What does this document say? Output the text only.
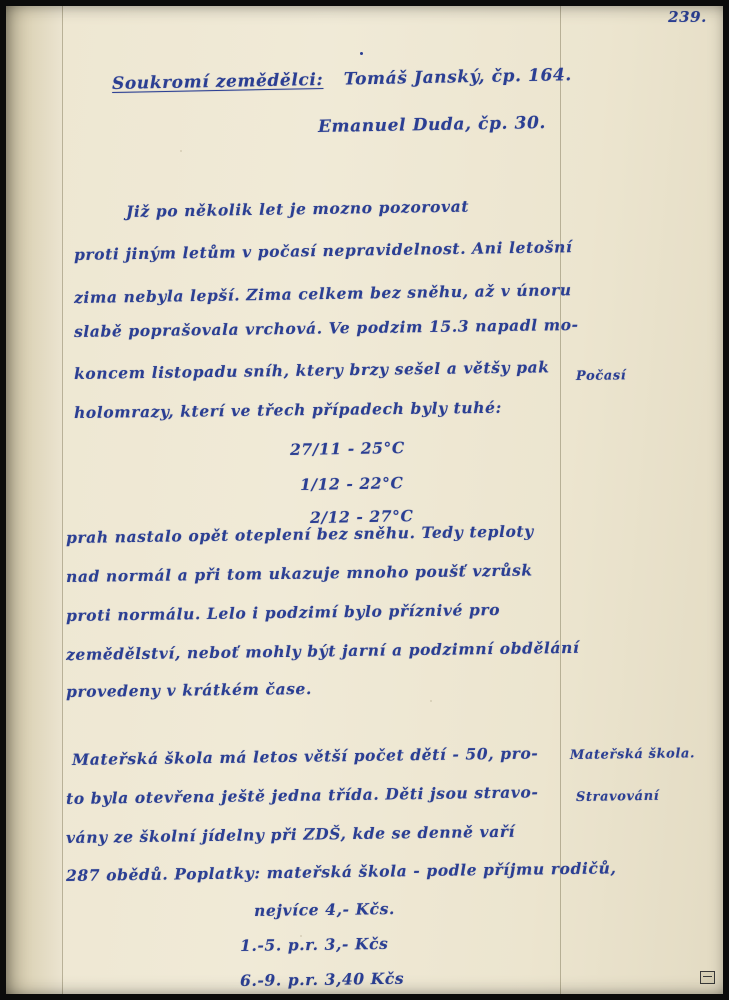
239.
Soukromí zemědělci: Tomáš Janský, čp. 164.
Emanuel Duda, čp. 30.
Již po několik let je mozno pozorovat
proti jiným letům v počasí nepravidelnost. Ani letošní
zima nebyla lepší. Zima celkem bez sněhu, až v únoru
slabě poprašovala vrchová. Ve podzim 15.3 napadl mo-
koncem listopadu sníh, ktery brzy sešel a většy pak
holomrazy, kterí ve třech případech byly tuhé:
27/11 - 25°C
1/12 - 22°C
2/12 - 27°C
prah nastalo opět oteplení bez sněhu. Tedy teploty
nad normál a při tom ukazuje mnoho poušť vzrůsk
proti normálu. Lelo i podzimí bylo příznivé pro
zemědělství, neboť mohly být jarní a podzimní obdělání
provedeny v krátkém čase.
Mateřská škola má letos větší počet dětí - 50, pro-
to byla otevřena ještě jedna třída. Děti jsou stravo-
vány ze školní jídelny při ZDŠ, kde se denně vaří
287 obědů. Poplatky: mateřská škola - podle příjmu rodičů,
nejvíce 4,- Kčs.
1.-5. p.r. 3,- Kčs
6.-9. p.r. 3,40 Kčs
Počasí
Mateřská škola.
Stravování
